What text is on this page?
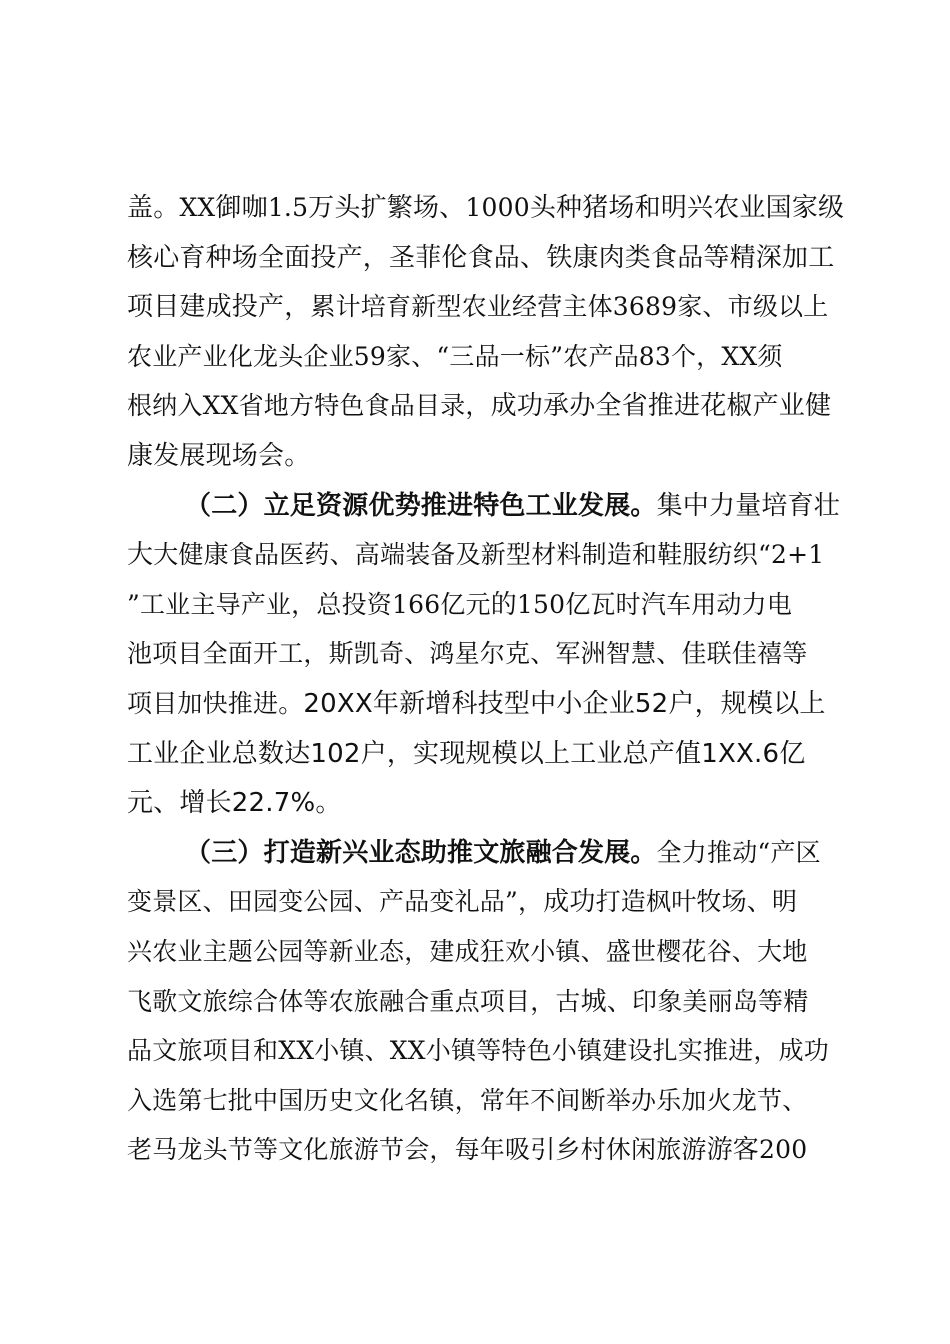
盖。XX御咖1.5万头扩繁场、1000头种猪场和明兴农业国家级
核心育种场全面投产，圣菲伦食品、铁康肉类食品等精深加工
项目建成投产，累计培育新型农业经营主体3689家、市级以上
农业产业化龙头企业59家、“三品一标”农产品83个，XX须
根纳入XX省地方特色食品目录，成功承办全省推进花椒产业健
康发展现场会。
（二）立足资源优势推进特色工业发展。集中力量培育壮
大大健康食品医药、高端装备及新型材料制造和鞋服纺织“2+1
”工业主导产业，总投资166亿元的150亿瓦时汽车用动力电
池项目全面开工，斯凯奇、鸿星尔克、军洲智慧、佳联佳禧等
项目加快推进。20XX年新增科技型中小企业52户，规模以上
工业企业总数达102户，实现规模以上工业总产值1XX.6亿
元、增长22.7%。
（三）打造新兴业态助推文旅融合发展。全力推动“产区
变景区、田园变公园、产品变礼品”，成功打造枫叶牧场、明
兴农业主题公园等新业态，建成狂欢小镇、盛世樱花谷、大地
飞歌文旅综合体等农旅融合重点项目，古城、印象美丽岛等精
品文旅项目和XX小镇、XX小镇等特色小镇建设扎实推进，成功
入选第七批中国历史文化名镇，常年不间断举办乐加火龙节、
老马龙头节等文化旅游节会，每年吸引乡村休闲旅游游客200
